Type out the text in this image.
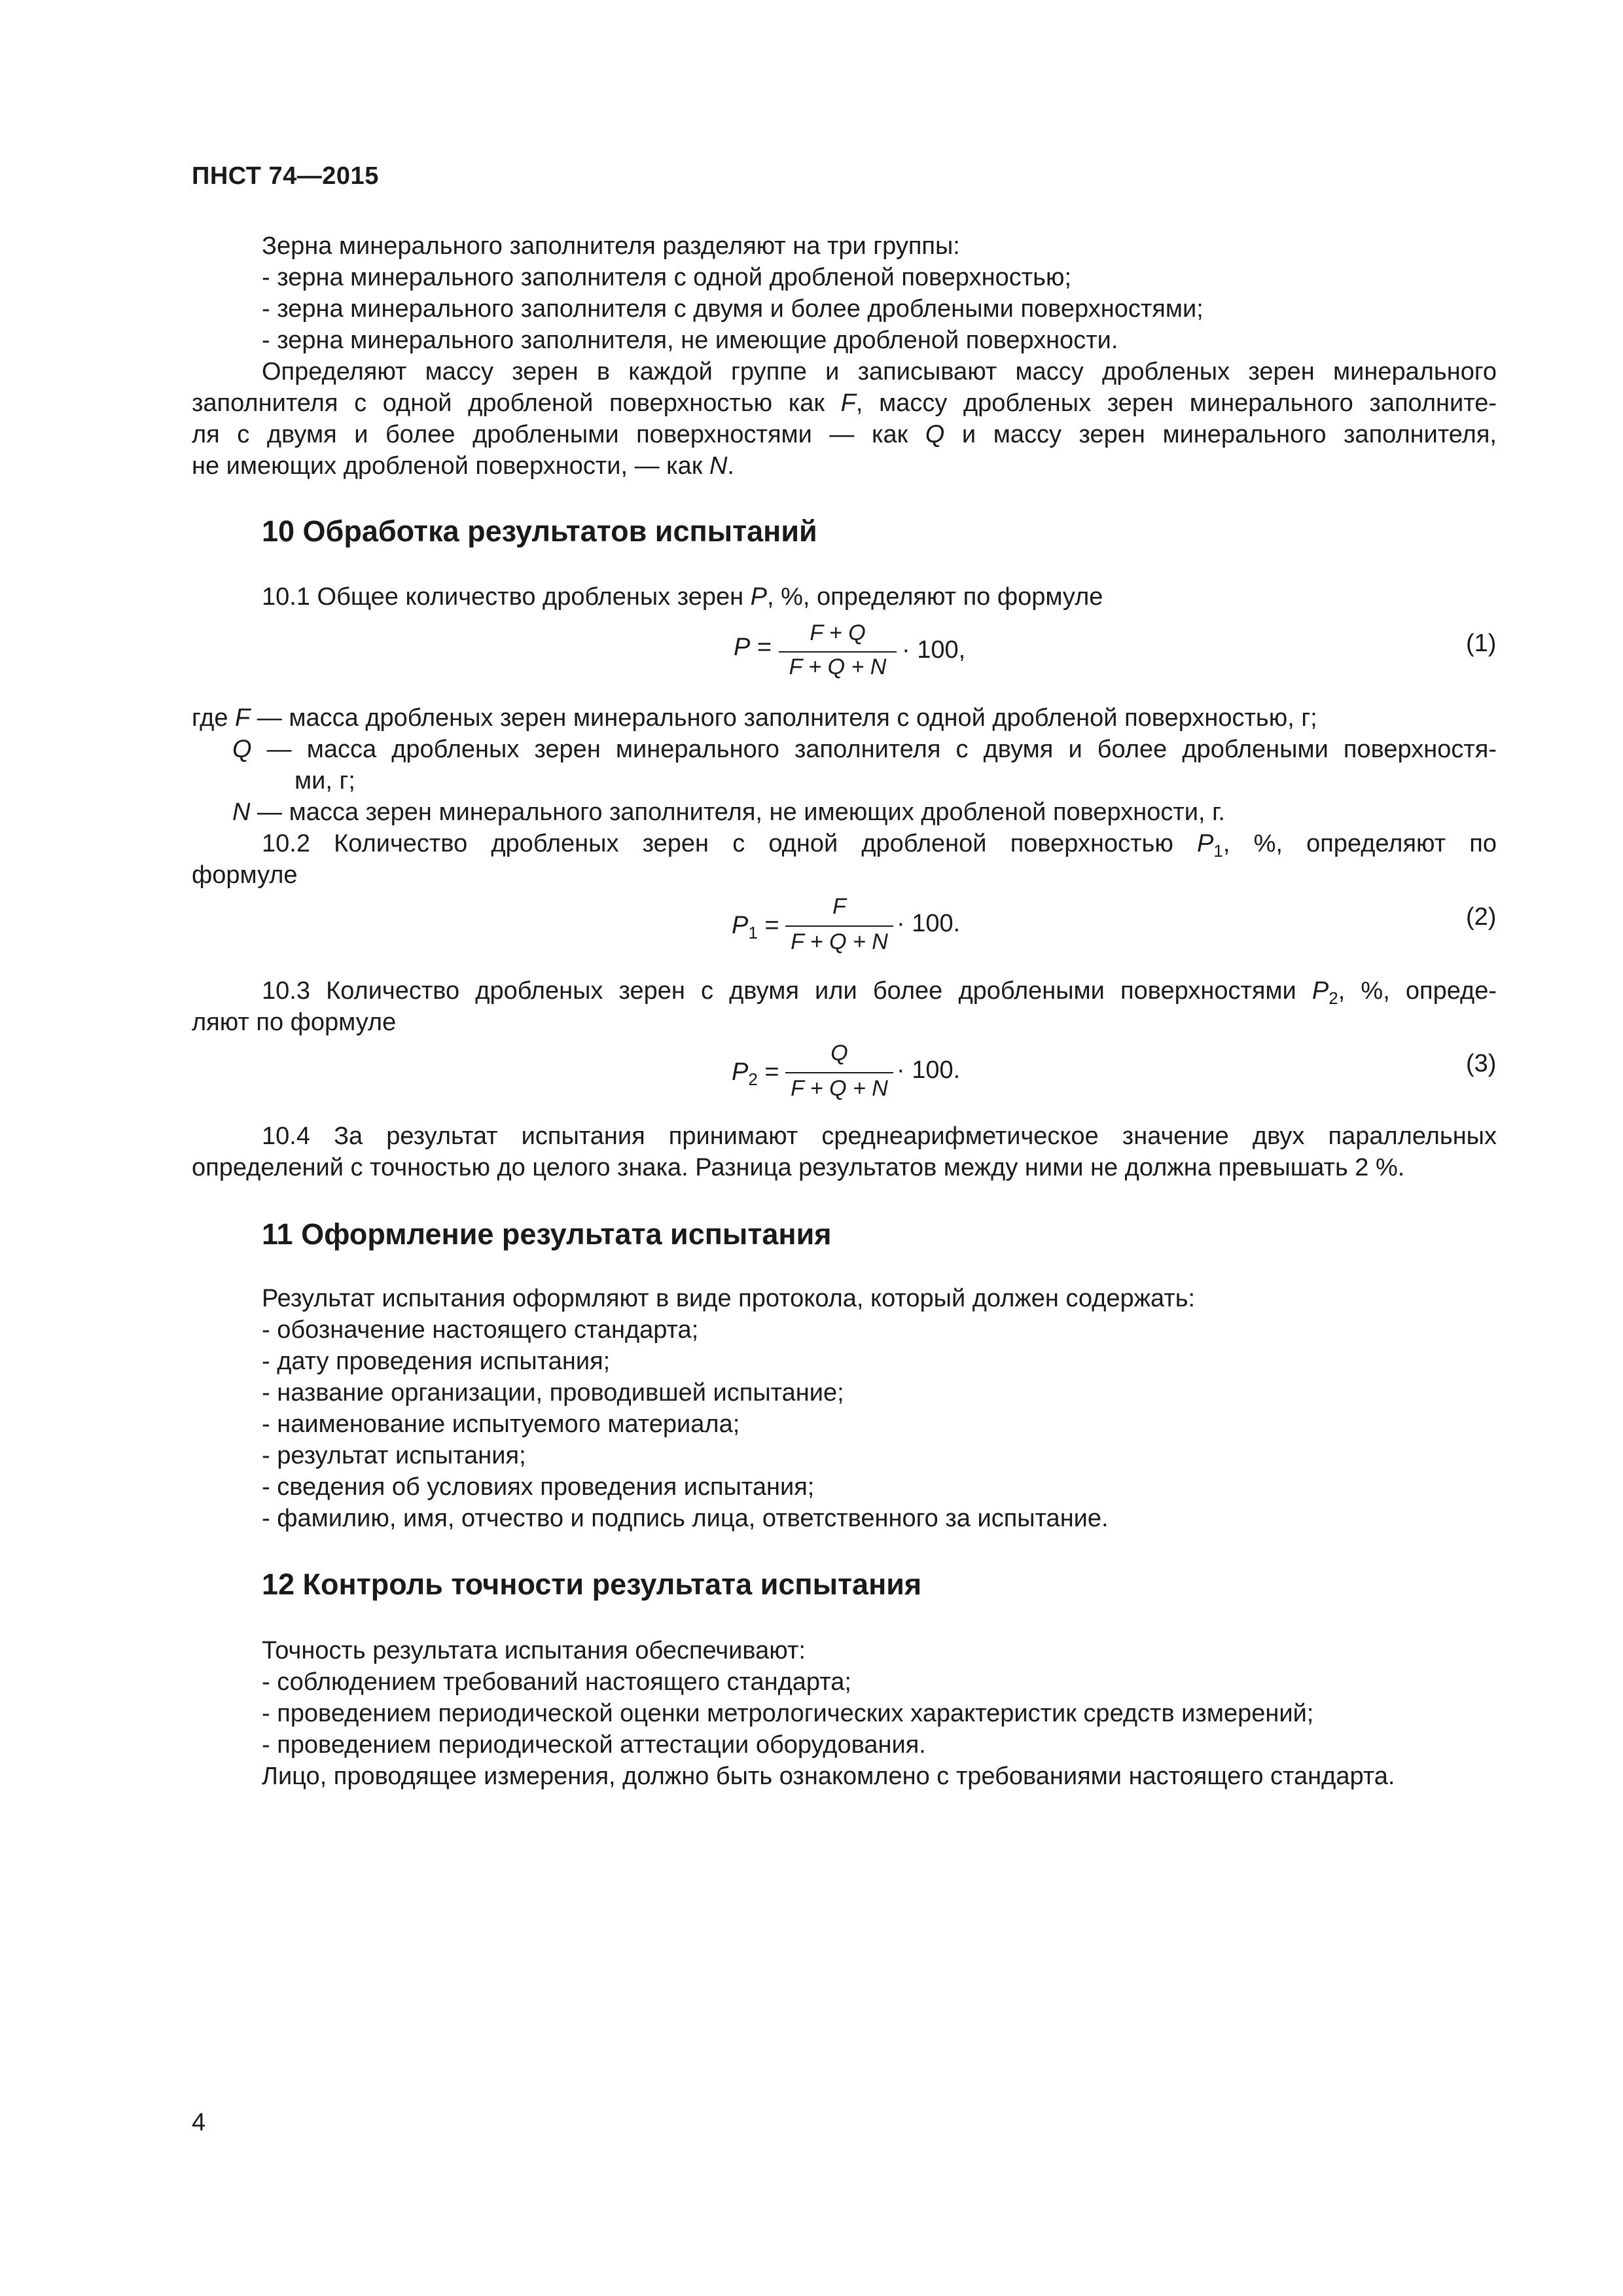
ПНСТ 74—2015
Зерна минерального заполнителя разделяют на три группы:
- зерна минерального заполнителя с одной дробленой поверхностью;
- зерна минерального заполнителя с двумя и более дроблеными поверхностями;
- зерна минерального заполнителя, не имеющие дробленой поверхности.
Определяют массу зерен в каждой группе и записывают массу дробленых зерен минерального
заполнителя с одной дробленой поверхностью как F, массу дробленых зерен минерального заполните-
ля с двумя и более дроблеными поверхностями — как Q и массу зерен минерального заполнителя,
не имеющих дробленой поверхности, — как N.
10 Обработка результатов испытаний
10.1 Общее количество дробленых зерен P, %, определяют по формуле
P =
F + Q
F + Q + N
· 100,	(1)
где F — масса дробленых зерен минерального заполнителя с одной дробленой поверхностью, г;
Q — масса дробленых зерен минерального заполнителя с двумя и более дроблеными поверхностя-
ми, г;
N — масса зерен минерального заполнителя, не имеющих дробленой поверхности, г.
10.2 Количество дробленых зерен с одной дробленой поверхностью $P_1$, %, определяют по
формуле
$P_1$ =
F
F + Q + N
· 100.	(2)
10.3 Количество дробленых зерен с двумя или более дроблеными поверхностями $P_2$, %, опреде-
ляют по формуле
$P_2$ =
Q
F + Q + N
· 100.	(3)
10.4 За результат испытания принимают среднеарифметическое значение двух параллельных
определений с точностью до целого знака. Разница результатов между ними не должна превышать 2 %.
11 Оформление результата испытания
Результат испытания оформляют в виде протокола, который должен содержать:
- обозначение настоящего стандарта;
- дату проведения испытания;
- название организации, проводившей испытание;
- наименование испытуемого материала;
- результат испытания;
- сведения об условиях проведения испытания;
- фамилию, имя, отчество и подпись лица, ответственного за испытание.
12 Контроль точности результата испытания
Точность результата испытания обеспечивают:
- соблюдением требований настоящего стандарта;
- проведением периодической оценки метрологических характеристик средств измерений;
- проведением периодической аттестации оборудования.
Лицо, проводящее измерения, должно быть ознакомлено с требованиями настоящего стандарта.
4
